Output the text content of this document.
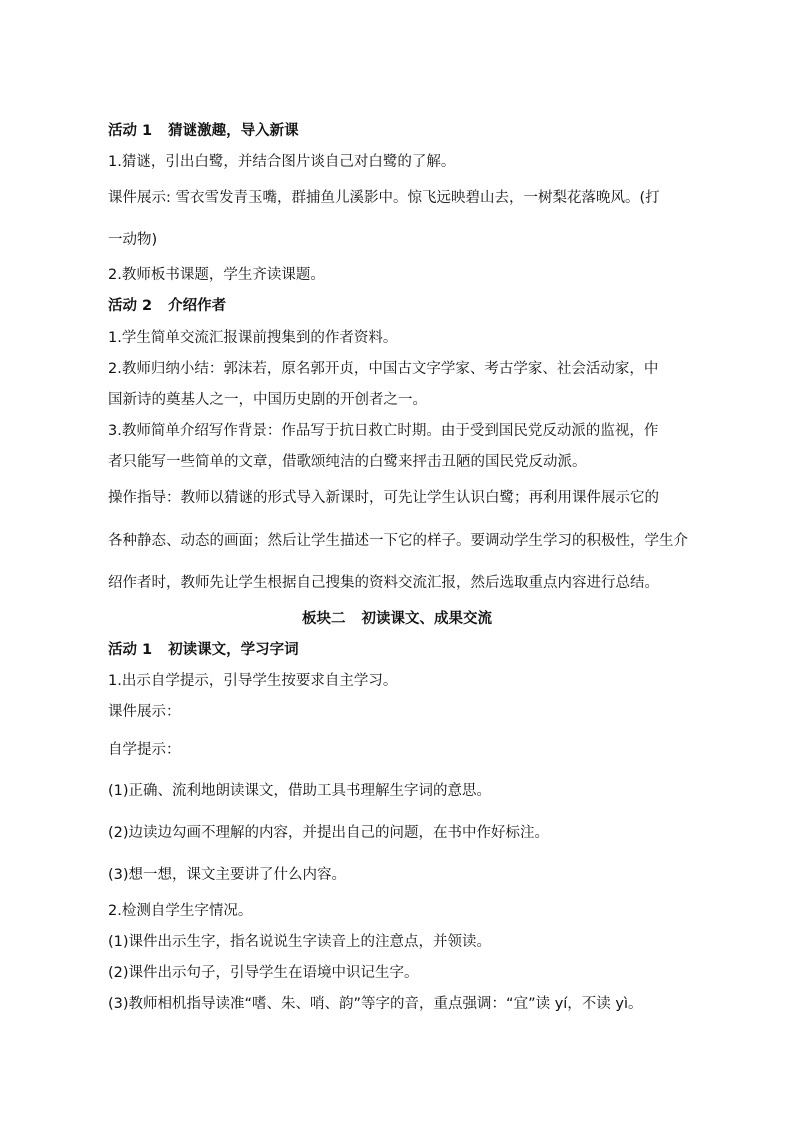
活动 1 猜谜激趣，导入新课
1.猜谜，引出白鹭，并结合图片谈自己对白鹭的了解。
课件展示: 雪衣雪发青玉嘴，群捕鱼儿溪影中。惊飞远映碧山去，一树梨花落晚风。(打
一动物)
2.教师板书课题，学生齐读课题。
活动 2 介绍作者
1.学生简单交流汇报课前搜集到的作者资料。
2.教师归纳小结：郭沫若，原名郭开贞，中国古文字学家、考古学家、社会活动家，中
国新诗的奠基人之一，中国历史剧的开创者之一。
3.教师简单介绍写作背景：作品写于抗日救亡时期。由于受到国民党反动派的监视，作
者只能写一些简单的文章，借歌颂纯洁的白鹭来抨击丑陋的国民党反动派。
操作指导：教师以猜谜的形式导入新课时，可先让学生认识白鹭；再利用课件展示它的
各种静态、动态的画面；然后让学生描述一下它的样子。要调动学生学习的积极性，学生介
绍作者时，教师先让学生根据自己搜集的资料交流汇报，然后选取重点内容进行总结。
板块二 初读课文、成果交流
活动 1 初读课文，学习字词
1.出示自学提示，引导学生按要求自主学习。
课件展示：
自学提示：
(1)正确、流利地朗读课文，借助工具书理解生字词的意思。
(2)边读边勾画不理解的内容，并提出自己的问题，在书中作好标注。
(3)想一想，课文主要讲了什么内容。
2.检测自学生字情况。
(1)课件出示生字，指名说说生字读音上的注意点，并领读。
(2)课件出示句子，引导学生在语境中识记生字。
(3)教师相机指导读准“嗜、朱、哨、韵”等字的音，重点强调：“宜”读 yí，不读 yì。
